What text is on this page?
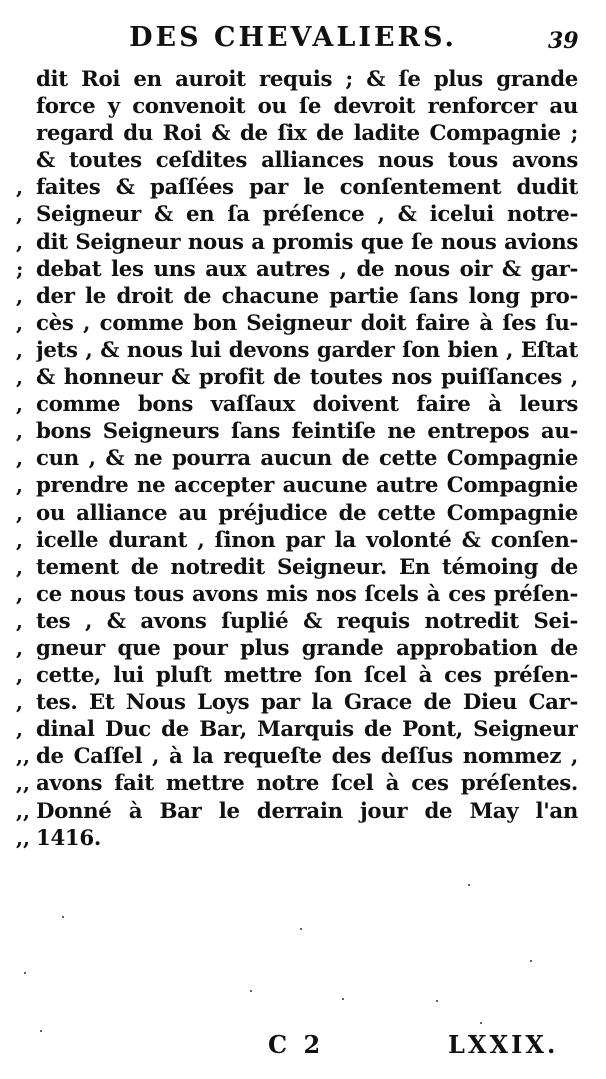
DES CHEVALIERS.	39
dit Roi en auroit requis ; & ſe plus grande
force y convenoit ou ſe devroit renforcer au
regard du Roi & de ſix de ladite Compagnie ;
& toutes ceſdites alliances nous tous avons
, faites & paſſées par le conſentement dudit
, Seigneur & en ſa préſence , & icelui notre-
, dit Seigneur nous a promis que ſe nous avions
; debat les uns aux autres , de nous oir & gar-
, der le droit de chacune partie ſans long pro-
, cès , comme bon Seigneur doit faire à ſes ſu-
, jets , & nous lui devons garder ſon bien , Eſtat
, & honneur & profit de toutes nos puiſſances ,
, comme bons vaſſaux doivent faire à leurs
, bons Seigneurs ſans feintiſe ne entrepos au-
, cun , & ne pourra aucun de cette Compagnie
, prendre ne accepter aucune autre Compagnie
, ou alliance au préjudice de cette Compagnie
, icelle durant , ſinon par la volonté & conſen-
, tement de notredit Seigneur. En témoing de
, ce nous tous avons mis nos ſcels à ces préſen-
, tes , & avons ſuplié & requis notredit Sei-
, gneur que pour plus grande approbation de
, cette, lui pluſt mettre ſon ſcel à ces préſen-
, tes. Et Nous Loys par la Grace de Dieu Car-
, dinal Duc de Bar, Marquis de Pont, Seigneur
,, de Caſſel , à la requeſte des deſſus nommez ,
,, avons fait mettre notre ſcel à ces préſentes.
,, Donné à Bar le derrain jour de May l'an
,, 1416.
C 2	LXXIX.
